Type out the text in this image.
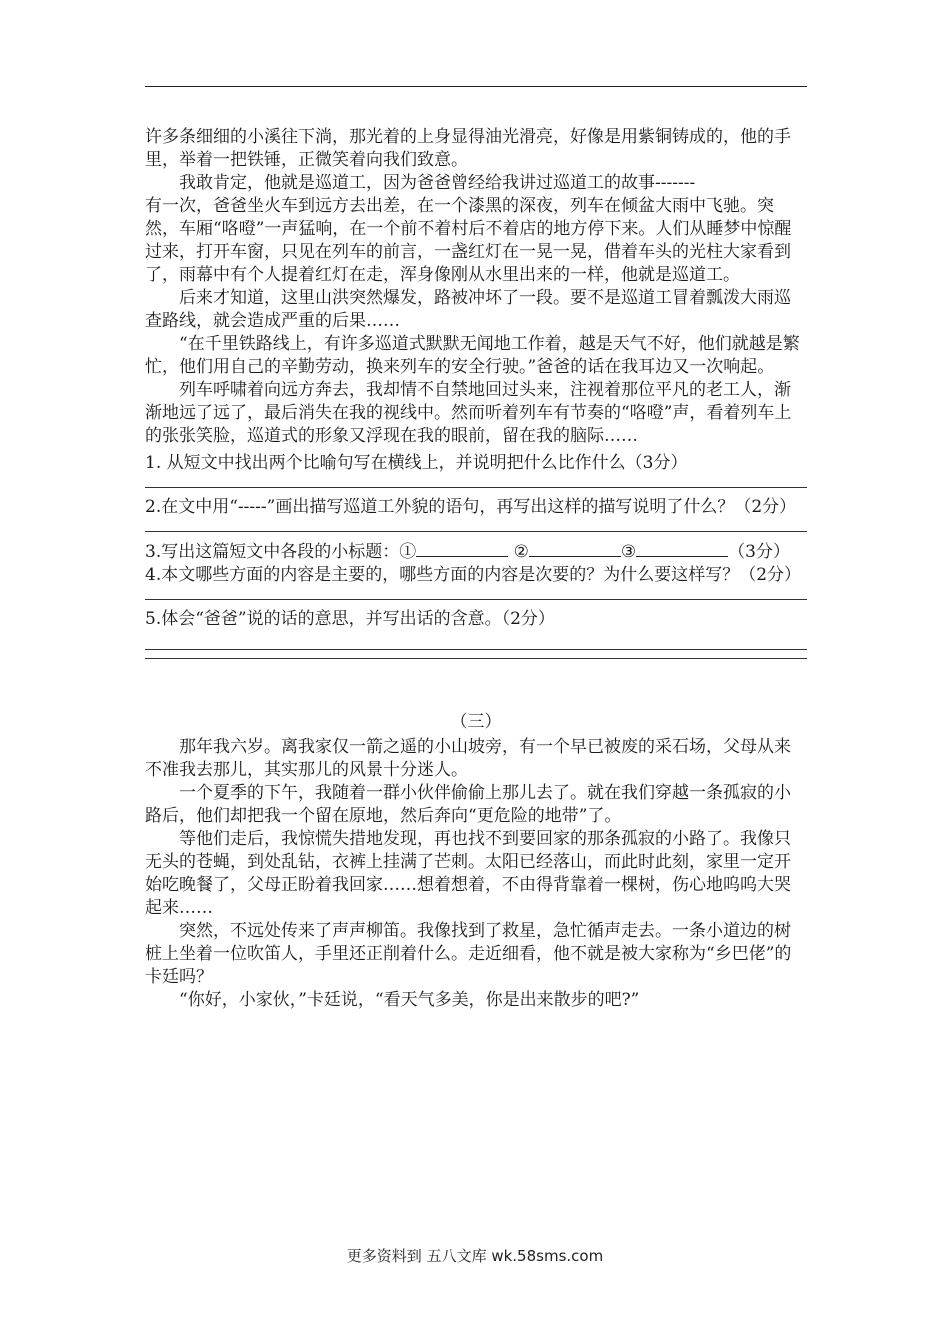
许多条细细的小溪往下淌，那光着的上身显得油光滑亮，好像是用紫铜铸成的，他的手里，举着一把铁锤，正微笑着向我们致意。

我敢肯定，他就是巡道工，因为爸爸曾经给我讲过巡道工的故事-------

有一次，爸爸坐火车到远方去出差，在一个漆黑的深夜，列车在倾盆大雨中飞驰。突然，车厢“咯噔”一声猛响，在一个前不着村后不着店的地方停下来。人们从睡梦中惊醒过来，打开车窗，只见在列车的前言，一盏红灯在一晃一晃，借着车头的光柱大家看到了，雨幕中有个人提着红灯在走，浑身像刚从水里出来的一样，他就是巡道工。

后来才知道，这里山洪突然爆发，路被冲坏了一段。要不是巡道工冒着瓢泼大雨巡查路线，就会造成严重的后果……

“在千里铁路线上，有许多巡道式默默无闻地工作着，越是天气不好，他们就越是繁忙，他们用自己的辛勤劳动，换来列车的安全行驶。”爸爸的话在我耳边又一次响起。

列车呼啸着向远方奔去，我却情不自禁地回过头来，注视着那位平凡的老工人，渐渐地远了远了，最后消失在我的视线中。然而听着列车有节奏的“咯噔”声，看着列车上的张张笑脸，巡道式的形象又浮现在我的眼前，留在我的脑际……

1. 从短文中找出两个比喻句写在横线上，并说明把什么比作什么（3分）

2.在文中用“-----”画出描写巡道工外貌的语句，再写出这样的描写说明了什么？（2分）

3.写出这篇短文中各段的小标题：①	②	③	（3分）

4.本文哪些方面的内容是主要的，哪些方面的内容是次要的？为什么要这样写？（2分）

5.体会“爸爸”说的话的意思，并写出话的含意。（2分）

（三）

那年我六岁。离我家仅一箭之遥的小山坡旁，有一个早已被废的采石场，父母从来不准我去那儿，其实那儿的风景十分迷人。

一个夏季的下午，我随着一群小伙伴偷偷上那儿去了。就在我们穿越一条孤寂的小路后，他们却把我一个留在原地，然后奔向“更危险的地带”了。

等他们走后，我惊慌失措地发现，再也找不到要回家的那条孤寂的小路了。我像只无头的苍蝇，到处乱钻，衣裤上挂满了芒刺。太阳已经落山，而此时此刻，家里一定开始吃晚餐了，父母正盼着我回家……想着想着，不由得背靠着一棵树，伤心地呜呜大哭起来……

突然，不远处传来了声声柳笛。我像找到了救星，急忙循声走去。一条小道边的树桩上坐着一位吹笛人，手里还正削着什么。走近细看，他不就是被大家称为“乡巴佬”的卡廷吗？

“你好，小家伙，”卡廷说，“看天气多美，你是出来散步的吧?”

更多资料到 五八文库 wk.58sms.com
